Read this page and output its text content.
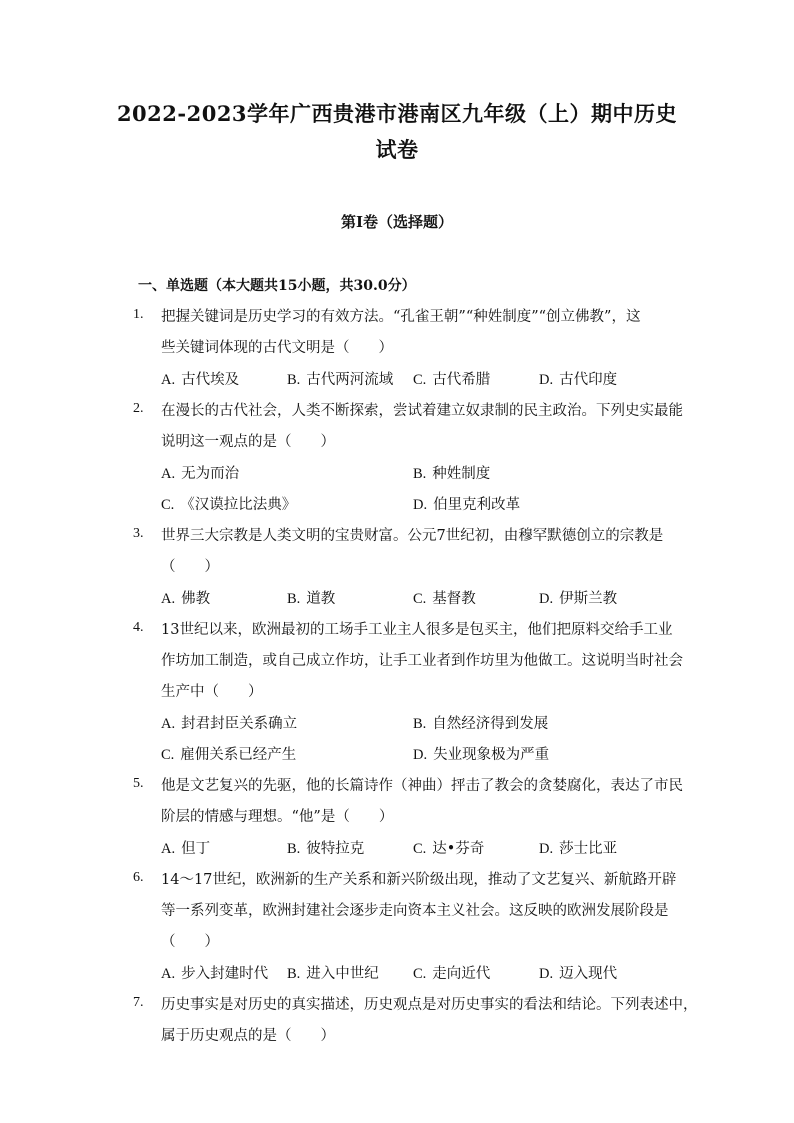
2022-2023学年广西贵港市港南区九年级（上）期中历史
试卷
第I卷（选择题）
一、单选题（本大题共15小题，共30.0分）
1. 把握关键词是历史学习的有效方法。“孔雀王朝”“种姓制度”“创立佛教”，这
些关键词体现的古代文明是（　　）
A. 古代埃及	B. 古代两河流域 C. 古代希腊	D. 古代印度
2. 在漫长的古代社会，人类不断探索，尝试着建立奴隶制的民主政治。下列史实最能
说明这一观点的是（　　）
A. 无为而治	B. 种姓制度
C. 《汉谟拉比法典》	D. 伯里克利改革
3. 世界三大宗教是人类文明的宝贵财富。公元7世纪初，由穆罕默德创立的宗教是
（　　）
A. 佛教	B. 道教	C. 基督教	D. 伊斯兰教
4. 13世纪以来，欧洲最初的工场手工业主人很多是包买主，他们把原料交给手工业
作坊加工制造，或自己成立作坊，让手工业者到作坊里为他做工。这说明当时社会
生产中（　　）
A. 封君封臣关系确立	B. 自然经济得到发展
C. 雇佣关系已经产生	D. 失业现象极为严重
5. 他是文艺复兴的先驱，他的长篇诗作（神曲）抨击了教会的贪婪腐化，表达了市民
阶层的情感与理想。“他”是（　　）
A. 但丁	B. 彼特拉克	C. 达•芬奇	D. 莎士比亚
6. 14～17世纪，欧洲新的生产关系和新兴阶级出现，推动了文艺复兴、新航路开辟
等一系列变革，欧洲封建社会逐步走向资本主义社会。这反映的欧洲发展阶段是
（　　）
A. 步入封建时代 B. 进入中世纪 C. 走向近代	D. 迈入现代
7. 历史事实是对历史的真实描述，历史观点是对历史事实的看法和结论。下列表述中，
属于历史观点的是（　　）
